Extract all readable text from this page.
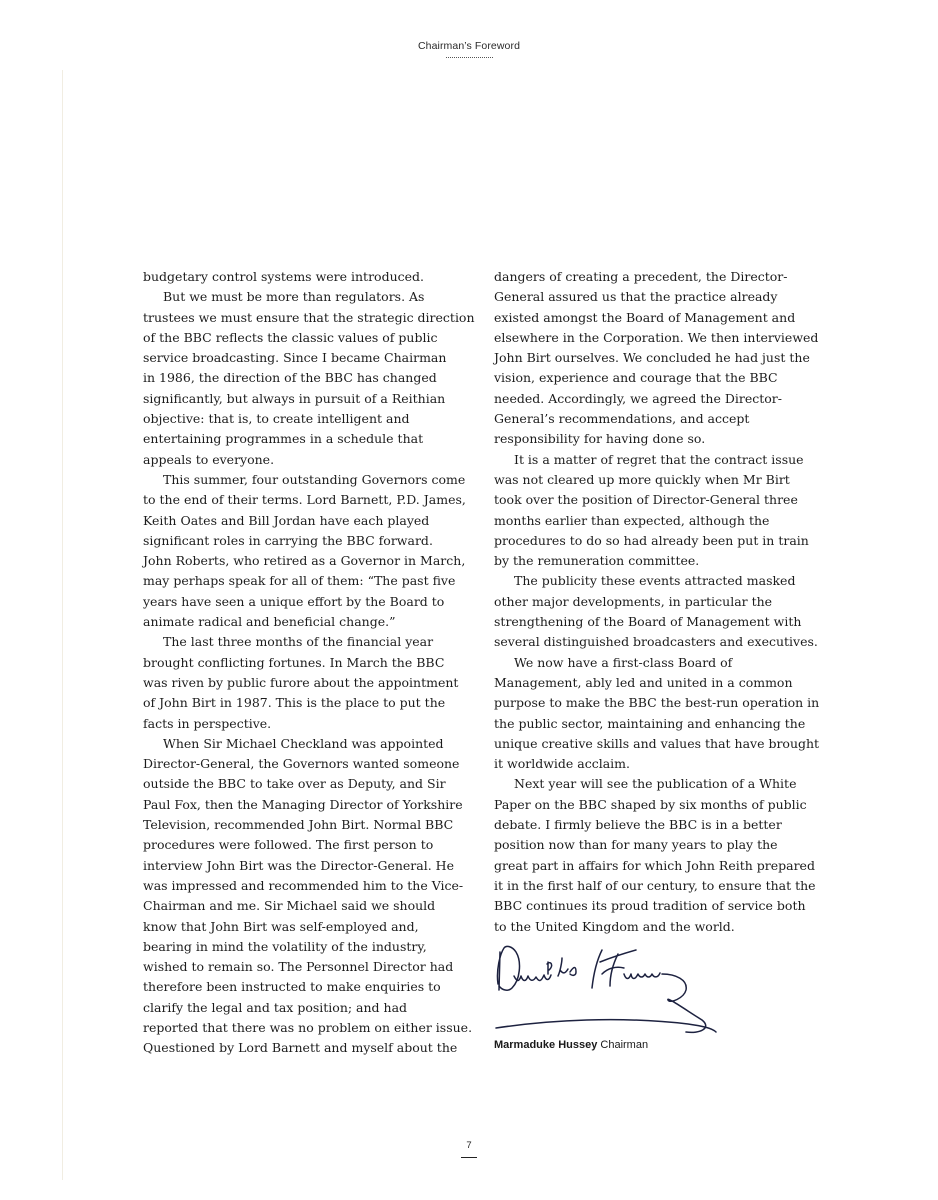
Chairman’s Foreword
budgetary control systems were introduced.
But we must be more than regulators. As
trustees we must ensure that the strategic direction
of the BBC reflects the classic values of public
service broadcasting. Since I became Chairman
in 1986, the direction of the BBC has changed
significantly, but always in pursuit of a Reithian
objective: that is, to create intelligent and
entertaining programmes in a schedule that
appeals to everyone.
This summer, four outstanding Governors come
to the end of their terms. Lord Barnett, P.D. James,
Keith Oates and Bill Jordan have each played
significant roles in carrying the BBC forward.
John Roberts, who retired as a Governor in March,
may perhaps speak for all of them: “The past five
years have seen a unique effort by the Board to
animate radical and beneficial change.”
The last three months of the financial year
brought conflicting fortunes. In March the BBC
was riven by public furore about the appointment
of John Birt in 1987. This is the place to put the
facts in perspective.
When Sir Michael Checkland was appointed
Director-General, the Governors wanted someone
outside the BBC to take over as Deputy, and Sir
Paul Fox, then the Managing Director of Yorkshire
Television, recommended John Birt. Normal BBC
procedures were followed. The first person to
interview John Birt was the Director-General. He
was impressed and recommended him to the Vice-
Chairman and me. Sir Michael said we should
know that John Birt was self-employed and,
bearing in mind the volatility of the industry,
wished to remain so. The Personnel Director had
therefore been instructed to make enquiries to
clarify the legal and tax position; and had
reported that there was no problem on either issue.
Questioned by Lord Barnett and myself about the
dangers of creating a precedent, the Director-
General assured us that the practice already
existed amongst the Board of Management and
elsewhere in the Corporation. We then interviewed
John Birt ourselves. We concluded he had just the
vision, experience and courage that the BBC
needed. Accordingly, we agreed the Director-
General’s recommendations, and accept
responsibility for having done so.
It is a matter of regret that the contract issue
was not cleared up more quickly when Mr Birt
took over the position of Director-General three
months earlier than expected, although the
procedures to do so had already been put in train
by the remuneration committee.
The publicity these events attracted masked
other major developments, in particular the
strengthening of the Board of Management with
several distinguished broadcasters and executives.
We now have a first-class Board of
Management, ably led and united in a common
purpose to make the BBC the best-run operation in
the public sector, maintaining and enhancing the
unique creative skills and values that have brought
it worldwide acclaim.
Next year will see the publication of a White
Paper on the BBC shaped by six months of public
debate. I firmly believe the BBC is in a better
position now than for many years to play the
great part in affairs for which John Reith prepared
it in the first half of our century, to ensure that the
BBC continues its proud tradition of service both
to the United Kingdom and the world.
Marmaduke Hussey Chairman
7
